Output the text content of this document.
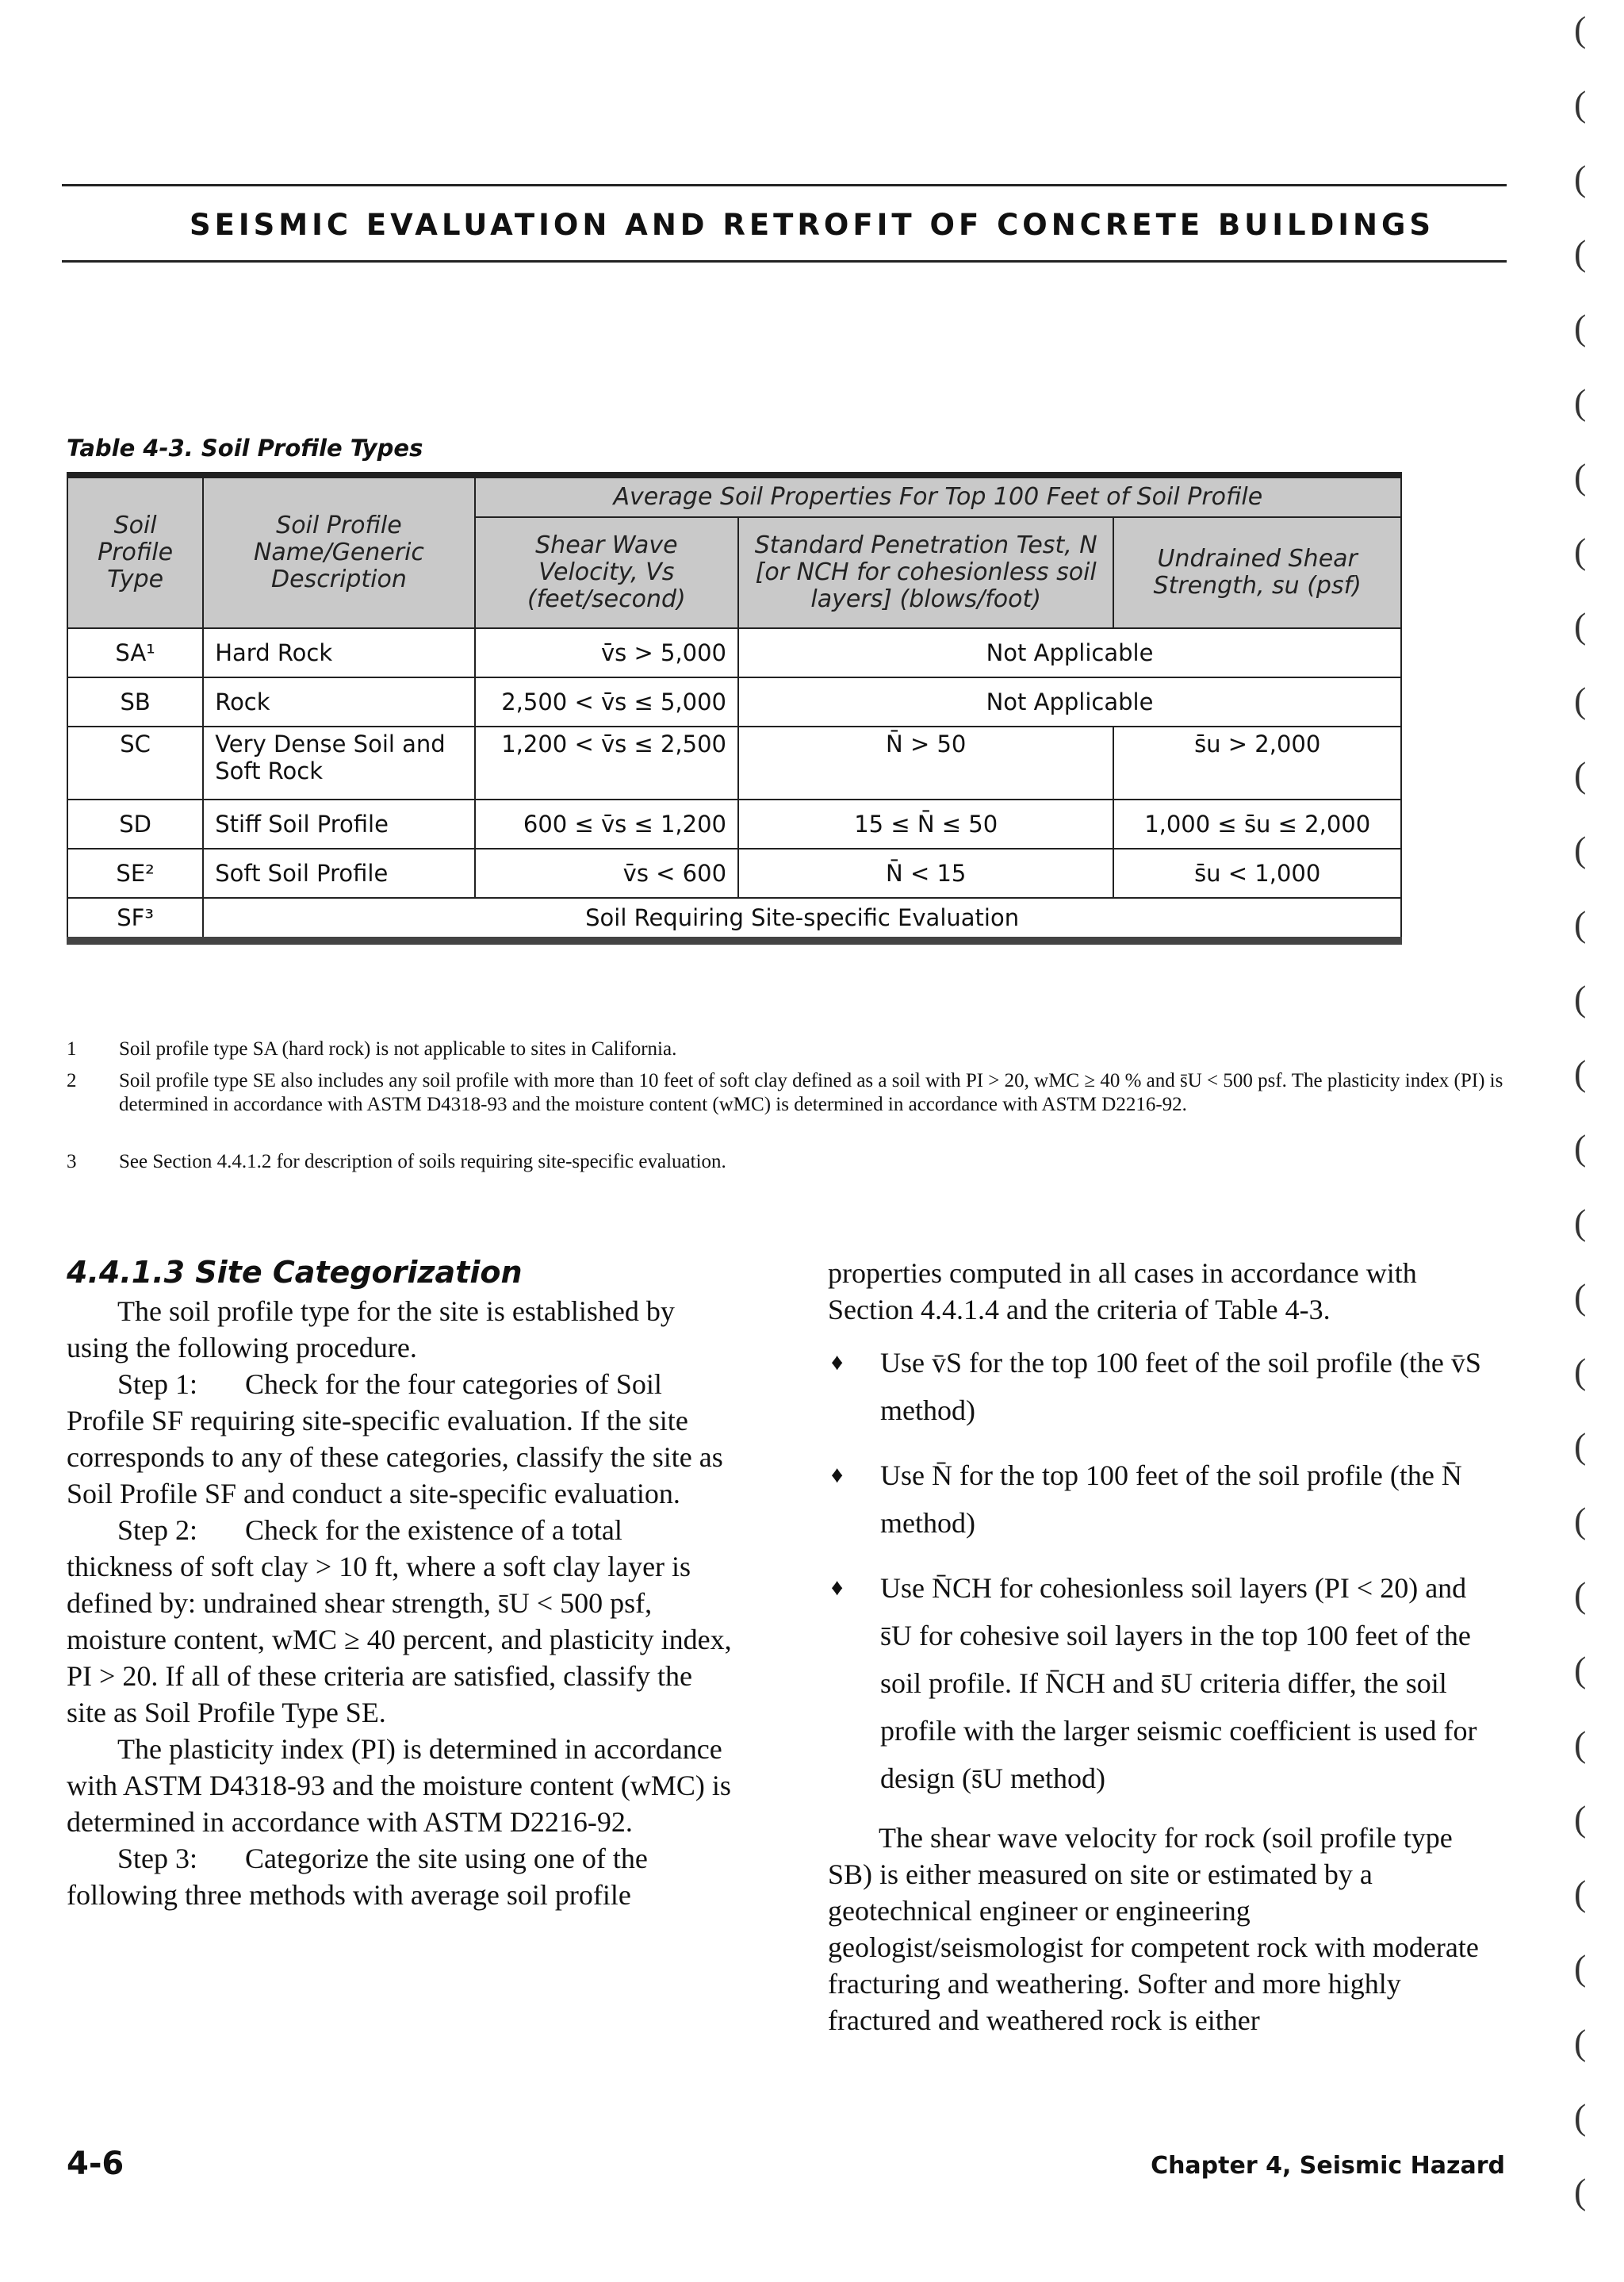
SEISMIC EVALUATION AND RETROFIT OF CONCRETE BUILDINGS
Table 4-3. Soil Profile Types
Soil Profile Type	Soil Profile Name/Generic Description	Average Soil Properties For Top 100 Feet of Soil Profile		
		Shear Wave Velocity, Vs (feet/second)	Standard Penetration Test, N [or NCH for cohesionless soil layers] (blows/foot)	Undrained Shear Strength, su (psf)
SA¹	Hard Rock	v̄s > 5,000	Not Applicable	
SB	Rock	2,500 < v̄s ≤ 5,000	Not Applicable	
SC	Very Dense Soil and Soft Rock	1,200 < v̄s ≤ 2,500	N̄ > 50	s̄u > 2,000
SD	Stiff Soil Profile	600 ≤ v̄s ≤ 1,200	15 ≤ N̄ ≤ 50	1,000 ≤ s̄u ≤ 2,000
SE²	Soft Soil Profile	v̄s < 600	N̄ < 15	s̄u < 1,000
SF³	Soil Requiring Site-specific Evaluation			
1 Soil profile type SA (hard rock) is not applicable to sites in California.
2 Soil profile type SE also includes any soil profile with more than 10 feet of soft clay defined as a soil with PI > 20, wMC ≥ 40 % and s̄U < 500 psf. The plasticity index (PI) is determined in accordance with ASTM D4318-93 and the moisture content (wMC) is determined in accordance with ASTM D2216-92.
3 See Section 4.4.1.2 for description of soils requiring site-specific evaluation.
4.4.1.3 Site Categorization

The soil profile type for the site is established by using the following procedure.

Step 1: Check for the four categories of Soil Profile SF requiring site-specific evaluation. If the site corresponds to any of these categories, classify the site as Soil Profile SF and conduct a site-specific evaluation.

Step 2: Check for the existence of a total thickness of soft clay > 10 ft, where a soft clay layer is defined by: undrained shear strength, s̄U < 500 psf, moisture content, wMC ≥ 40 percent, and plasticity index, PI > 20. If all of these criteria are satisfied, classify the site as Soil Profile Type SE.

The plasticity index (PI) is determined in accordance with ASTM D4318-93 and the moisture content (wMC) is determined in accordance with ASTM D2216-92.

Step 3: Categorize the site using one of the following three methods with average soil profile

properties computed in all cases in accordance with Section 4.4.1.4 and the criteria of Table 4-3.

♦ Use v̄S for the top 100 feet of the soil profile (the v̄S method)

♦ Use N̄ for the top 100 feet of the soil profile (the N̄ method)

♦ Use N̄CH for cohesionless soil layers (PI < 20) and s̄U for cohesive soil layers in the top 100 feet of the soil profile. If N̄CH and s̄U criteria differ, the soil profile with the larger seismic coefficient is used for design (s̄U method)

The shear wave velocity for rock (soil profile type SB) is either measured on site or estimated by a geotechnical engineer or engineering geologist/seismologist for competent rock with moderate fracturing and weathering. Softer and more highly fractured and weathered rock is either

4-6	Chapter 4, Seismic Hazard
(
(
(
(
(
(
(
(
(
(
(
(
(
(
(
(
(
(
(
(
(
(
(
(
(
(
(
(
(
(
